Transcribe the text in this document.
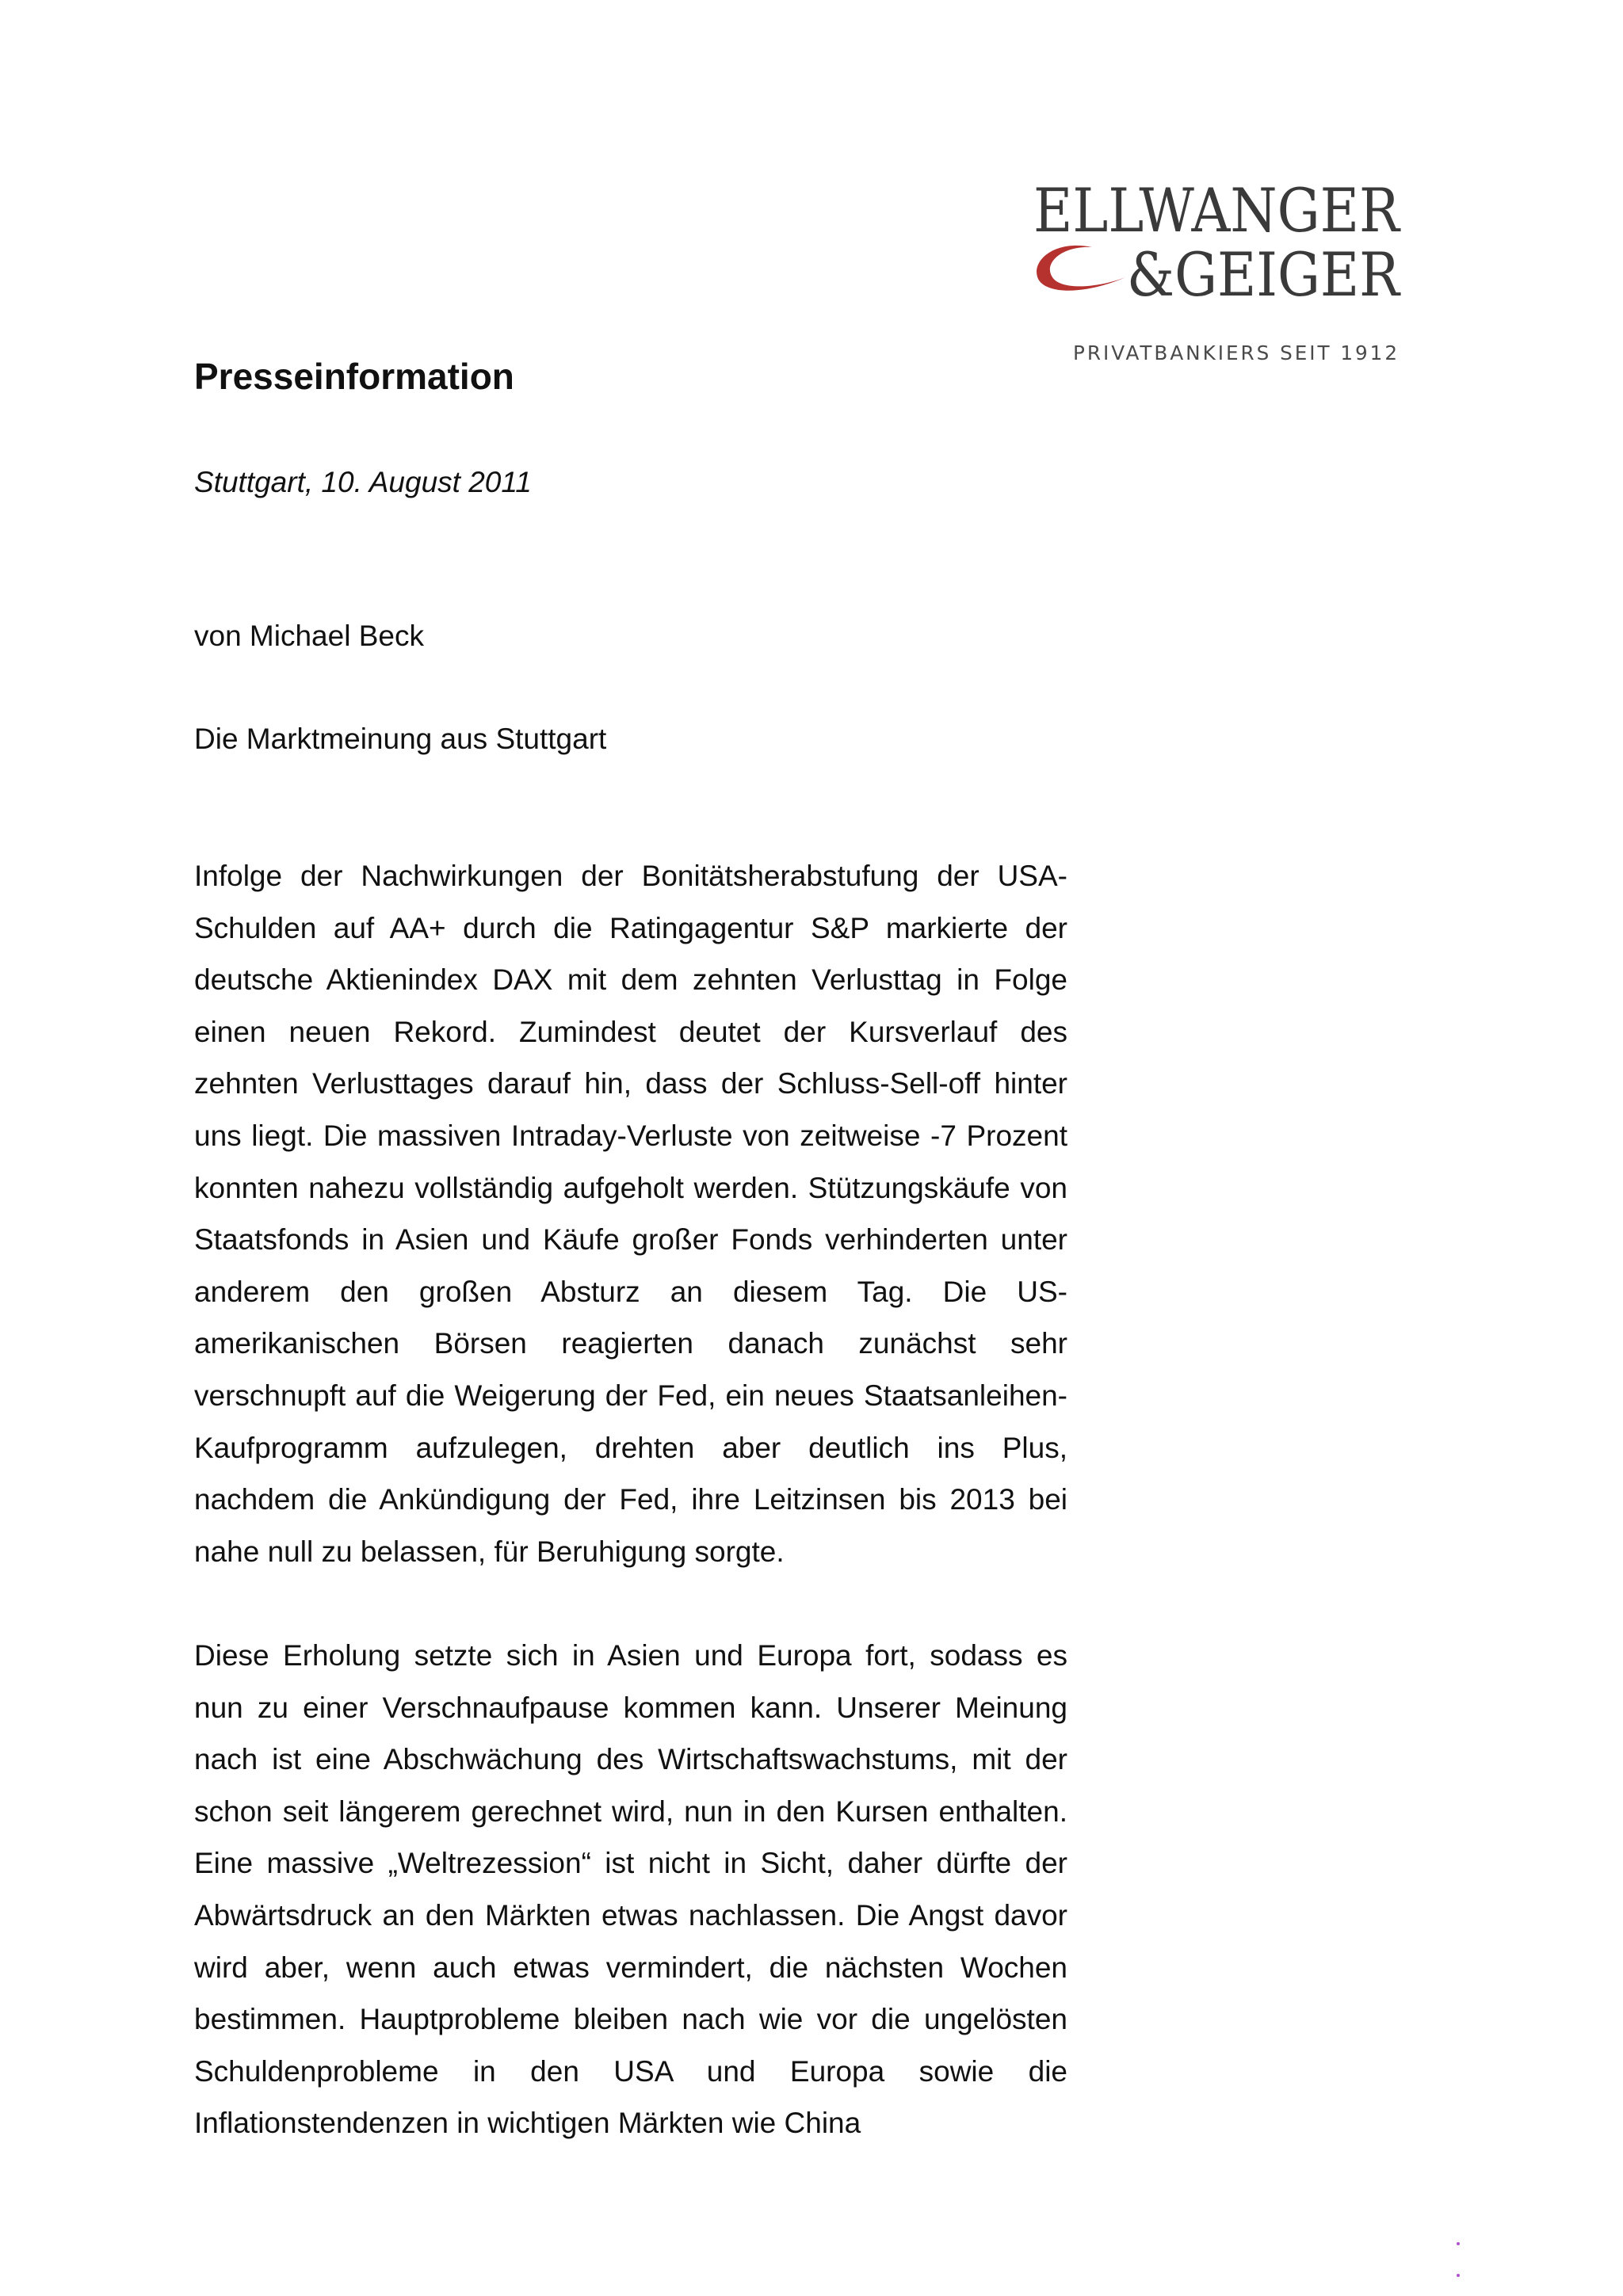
ELLWANGER
&GEIGER
PRIVATBANKIERS SEIT 1912
Presseinformation

Stuttgart, 10. August 2011

von Michael Beck

Die Marktmeinung aus Stuttgart

Infolge der Nachwirkungen der Bonitätsherabstufung der USA-Schulden auf AA+ durch die Ratingagentur S&P markierte der deutsche Aktienindex DAX mit dem zehnten Verlusttag in Folge einen neuen Rekord. Zumindest deutet der Kursverlauf des zehnten Verlusttages darauf hin, dass der Schluss-Sell-off hinter uns liegt. Die massiven Intraday-Verluste von zeitweise -7 Prozent konnten nahezu vollständig aufgeholt werden. Stützungskäufe von Staatsfonds in Asien und Käufe großer Fonds verhinderten unter anderem den großen Absturz an diesem Tag. Die US-amerikanischen Börsen reagierten danach zunächst sehr verschnupft auf die Weigerung der Fed, ein neues Staatsanleihen-Kaufprogramm aufzulegen, drehten aber deutlich ins Plus, nachdem die Ankündigung der Fed, ihre Leitzinsen bis 2013 bei nahe null zu belassen, für Beruhigung sorgte.

Diese Erholung setzte sich in Asien und Europa fort, sodass es nun zu einer Verschnaufpause kommen kann. Unserer Meinung nach ist eine Abschwächung des Wirtschaftswachstums, mit der schon seit längerem gerechnet wird, nun in den Kursen enthalten. Eine massive „Weltrezession“ ist nicht in Sicht, daher dürfte der Abwärtsdruck an den Märkten etwas nachlassen. Die Angst davor wird aber, wenn auch etwas vermindert, die nächsten Wochen bestimmen. Hauptprobleme bleiben nach wie vor die ungelösten Schuldenprobleme in den USA und Europa sowie die Inflationstendenzen in wichtigen Märkten wie China
